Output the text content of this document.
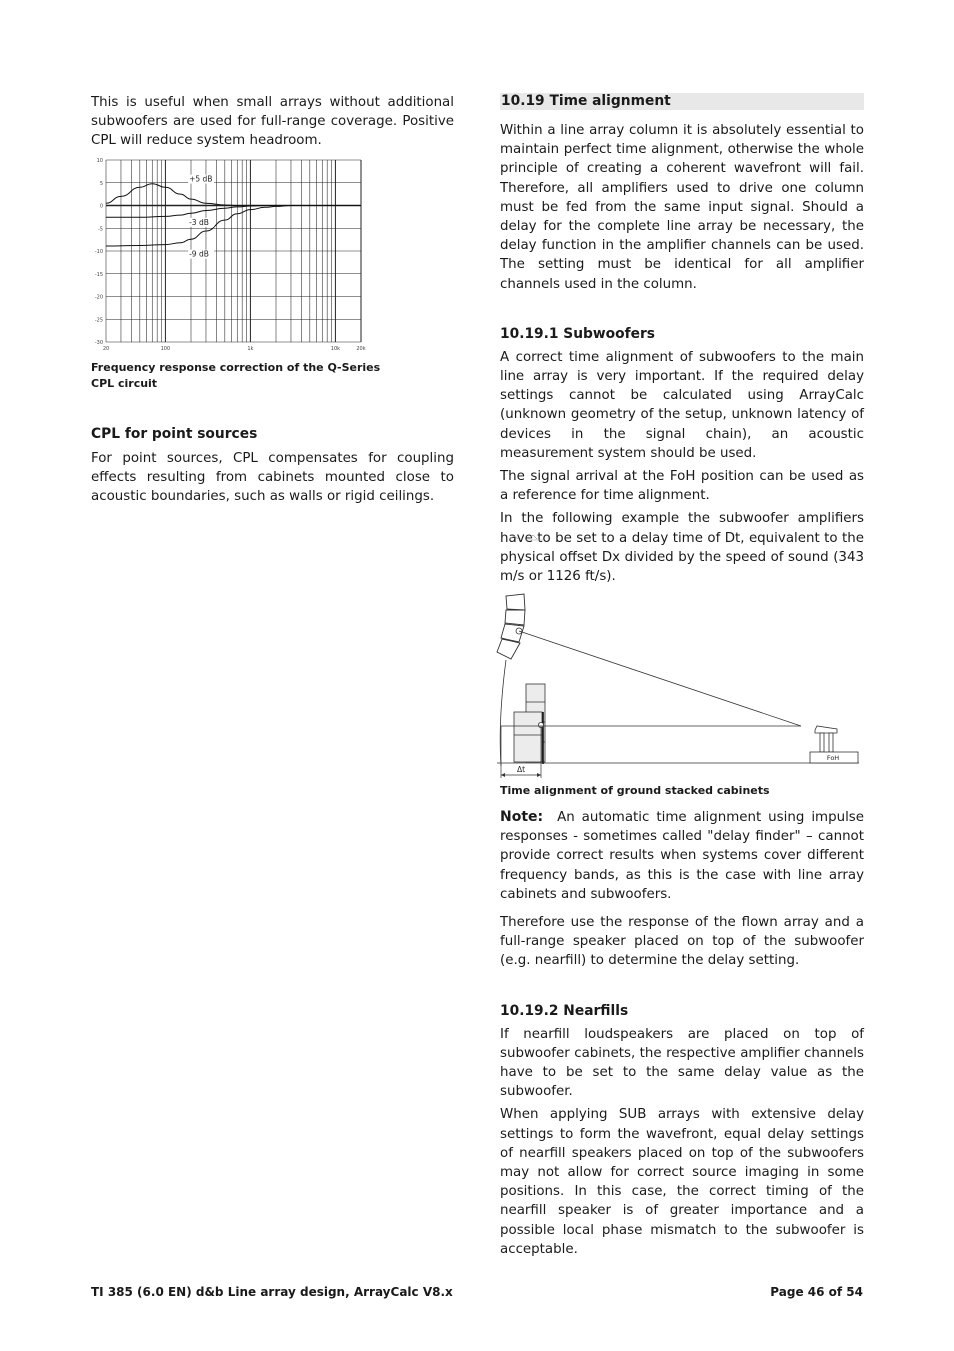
This is useful when small arrays without additional subwoofers are used for full-range coverage. Positive CPL will reduce system headroom.

10
5
0
-5
-10
-15
-20
-25
-30
20	100	1k	10k	20k
+5 dB
-3 dB
-9 dB
Frequency response correction of the Q-Series CPL circuit
CPL for point sources

For point sources, CPL compensates for coupling effects resulting from cabinets mounted close to acoustic boundaries, such as walls or rigid ceilings.

10.19 Time alignment

Within a line array column it is absolutely essential to maintain perfect time alignment, otherwise the whole principle of creating a coherent wavefront will fail. Therefore, all amplifiers used to drive one column must be fed from the same input signal. Should a delay for the complete line array be necessary, the delay function in the amplifier channels can be used. The setting must be identical for all amplifier channels used in the column.

10.19.1 Subwoofers

A correct time alignment of subwoofers to the main line array is very important. If the required delay settings cannot be calculated using ArrayCalc (unknown geometry of the setup, unknown latency of devices in the signal chain), an acoustic measurement system should be used.

The signal arrival at the FoH position can be used as a reference for time alignment.

In the following example the subwoofer amplifiers have to be set to a delay time of Dt, equivalent to the physical offset Dx divided by the speed of sound (343 m/s or 1126 ft/s).

Δt
FoH
Time alignment of ground stacked cabinets

Note: An automatic time alignment using impulse responses - sometimes called "delay finder" – cannot provide correct results when systems cover different frequency bands, as this is the case with line array cabinets and subwoofers.

Therefore use the response of the flown array and a full-range speaker placed on top of the subwoofer (e.g. nearfill) to determine the delay setting.

10.19.2 Nearfills

If nearfill loudspeakers are placed on top of subwoofer cabinets, the respective amplifier channels have to be set to the same delay value as the subwoofer.

When applying SUB arrays with extensive delay settings to form the wavefront, equal delay settings of nearfill speakers placed on top of the subwoofers may not allow for correct source imaging in some positions. In this case, the correct timing of the nearfill speaker is of greater importance and a possible local phase mismatch to the subwoofer is acceptable.

TI 385 (6.0 EN) d&b Line array design, ArrayCalc V8.x	Page 46 of 54
